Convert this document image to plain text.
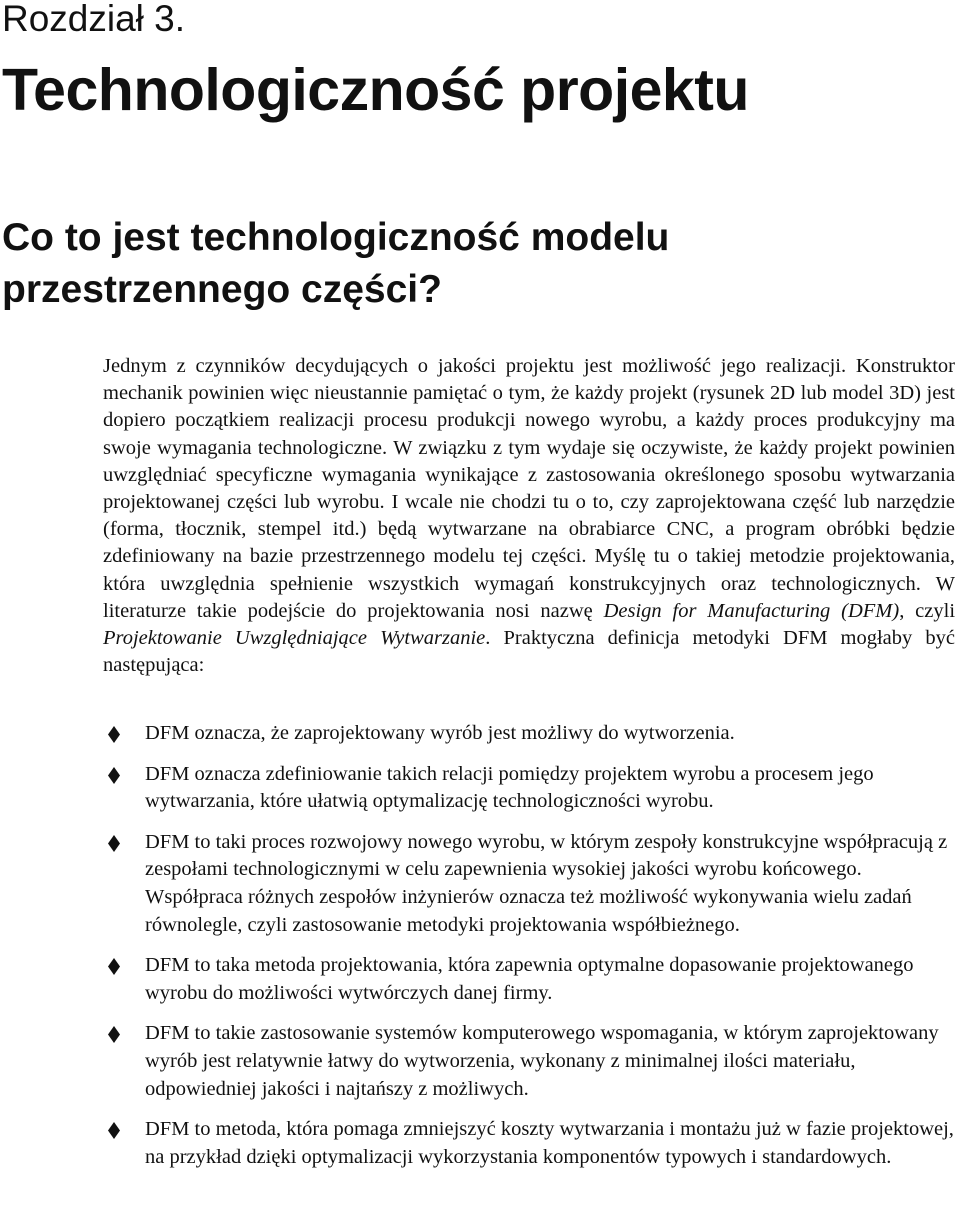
Rozdział 3.
Technologiczność projektu
Co to jest technologiczność modelu przestrzennego części?

Jednym z czynników decydujących o jakości projektu jest możliwość jego realizacji. Konstruktor mechanik powinien więc nieustannie pamiętać o tym, że każdy projekt (rysunek 2D lub model 3D) jest dopiero początkiem realizacji procesu produkcji nowego wyrobu, a każdy proces produkcyjny ma swoje wymagania technologiczne. W związku z tym wydaje się oczywiste, że każdy projekt powinien uwzględniać specyficzne wymagania wynikające z zastosowania określonego sposobu wytwarzania projektowanej części lub wyrobu. I wcale nie chodzi tu o to, czy zaprojektowana część lub narzędzie (forma, tłocznik, stempel itd.) będą wytwarzane na obrabiarce CNC, a program obróbki będzie zdefiniowany na bazie przestrzennego modelu tej części. Myślę tu o takiej metodzie projektowania, która uwzględnia spełnienie wszystkich wymagań konstrukcyjnych oraz technologicznych. W literaturze takie podejście do projektowania nosi nazwę Design for Manufacturing (DFM), czyli Projektowanie Uwzględniające Wytwarzanie. Praktyczna definicja metodyki DFM mogłaby być następująca:

DFM oznacza, że zaprojektowany wyrób jest możliwy do wytworzenia.
DFM oznacza zdefiniowanie takich relacji pomiędzy projektem wyrobu a procesem jego wytwarzania, które ułatwią optymalizację technologiczności wyrobu.
DFM to taki proces rozwojowy nowego wyrobu, w którym zespoły konstrukcyjne współpracują z zespołami technologicznymi w celu zapewnienia wysokiej jakości wyrobu końcowego. Współpraca różnych zespołów inżynierów oznacza też możliwość wykonywania wielu zadań równolegle, czyli zastosowanie metodyki projektowania współbieżnego.
DFM to taka metoda projektowania, która zapewnia optymalne dopasowanie projektowanego wyrobu do możliwości wytwórczych danej firmy.
DFM to takie zastosowanie systemów komputerowego wspomagania, w którym zaprojektowany wyrób jest relatywnie łatwy do wytworzenia, wykonany z minimalnej ilości materiału, odpowiedniej jakości i najtańszy z możliwych.
DFM to metoda, która pomaga zmniejszyć koszty wytwarzania i montażu już w fazie projektowej, na przykład dzięki optymalizacji wykorzystania komponentów typowych i standardowych.
